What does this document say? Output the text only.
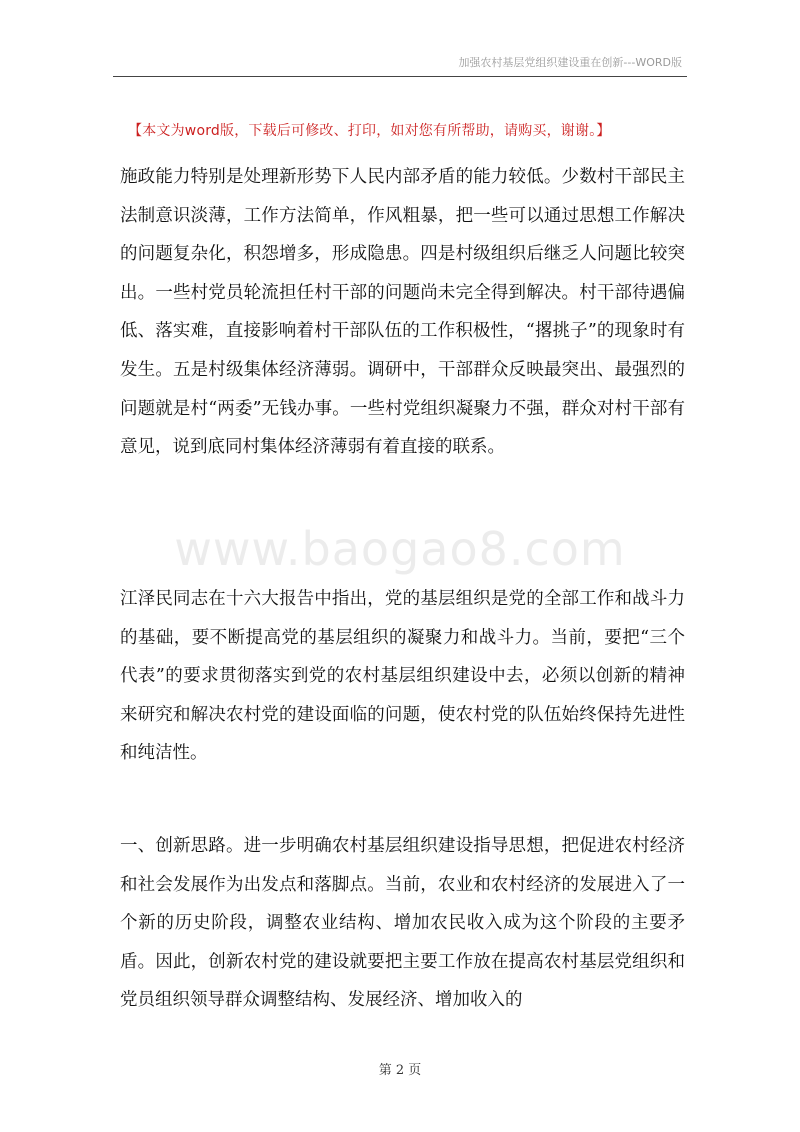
加强农村基层党组织建设重在创新---WORD版
【本文为word版，下载后可修改、打印，如对您有所帮助，请购买，谢谢。】

施政能力特别是处理新形势下人民内部矛盾的能力较低。少数村干部民主法制意识淡薄，工作方法简单，作风粗暴，把一些可以通过思想工作解决的问题复杂化，积怨增多，形成隐患。四是村级组织后继乏人问题比较突出。一些村党员轮流担任村干部的问题尚未完全得到解决。村干部待遇偏低、落实难，直接影响着村干部队伍的工作积极性，“撂挑子”的现象时有发生。五是村级集体经济薄弱。调研中，干部群众反映最突出、最强烈的问题就是村“两委”无钱办事。一些村党组织凝聚力不强，群众对村干部有意见，说到底同村集体经济薄弱有着直接的联系。

www.baogao8.com

江泽民同志在十六大报告中指出，党的基层组织是党的全部工作和战斗力的基础，要不断提高党的基层组织的凝聚力和战斗力。当前，要把“三个代表”的要求贯彻落实到党的农村基层组织建设中去，必须以创新的精神来研究和解决农村党的建设面临的问题，使农村党的队伍始终保持先进性和纯洁性。

一、创新思路。进一步明确农村基层组织建设指导思想，把促进农村经济和社会发展作为出发点和落脚点。当前，农业和农村经济的发展进入了一个新的历史阶段，调整农业结构、增加农民收入成为这个阶段的主要矛盾。因此，创新农村党的建设就要把主要工作放在提高农村基层党组织和党员组织领导群众调整结构、发展经济、增加收入的

第 2 页
